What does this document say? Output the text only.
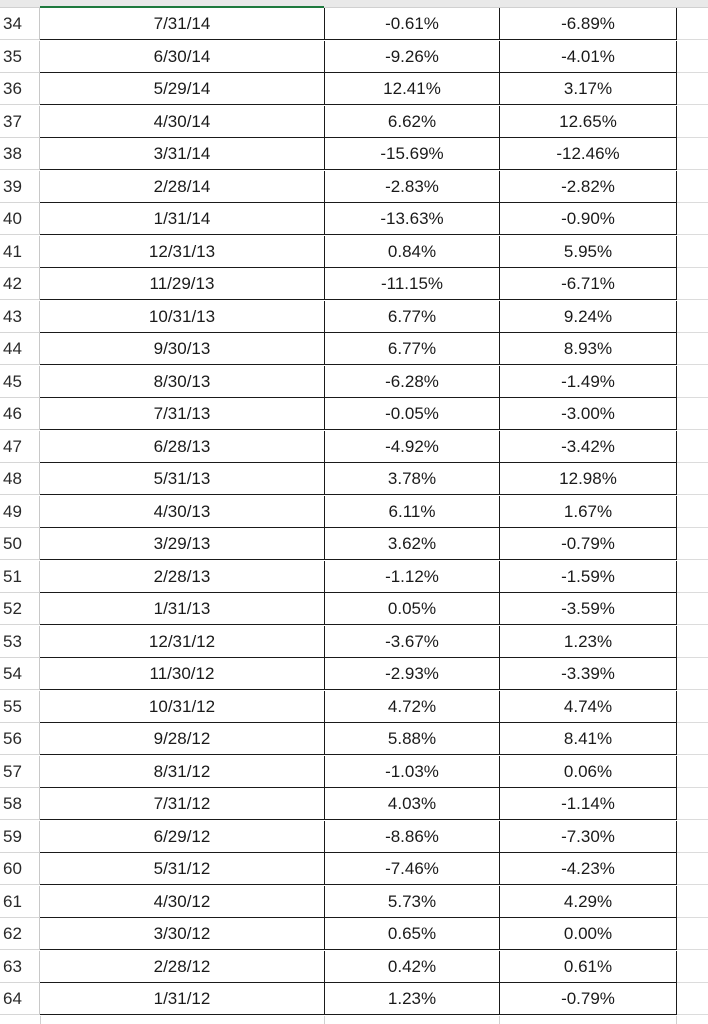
34	7/31/14	-0.61%	-6.89%
35	6/30/14	-9.26%	-4.01%
36	5/29/14	12.41%	3.17%
37	4/30/14	6.62%	12.65%
38	3/31/14	-15.69%	-12.46%
39	2/28/14	-2.83%	-2.82%
40	1/31/14	-13.63%	-0.90%
41	12/31/13	0.84%	5.95%
42	11/29/13	-11.15%	-6.71%
43	10/31/13	6.77%	9.24%
44	9/30/13	6.77%	8.93%
45	8/30/13	-6.28%	-1.49%
46	7/31/13	-0.05%	-3.00%
47	6/28/13	-4.92%	-3.42%
48	5/31/13	3.78%	12.98%
49	4/30/13	6.11%	1.67%
50	3/29/13	3.62%	-0.79%
51	2/28/13	-1.12%	-1.59%
52	1/31/13	0.05%	-3.59%
53	12/31/12	-3.67%	1.23%
54	11/30/12	-2.93%	-3.39%
55	10/31/12	4.72%	4.74%
56	9/28/12	5.88%	8.41%
57	8/31/12	-1.03%	0.06%
58	7/31/12	4.03%	-1.14%
59	6/29/12	-8.86%	-7.30%
60	5/31/12	-7.46%	-4.23%
61	4/30/12	5.73%	4.29%
62	3/30/12	0.65%	0.00%
63	2/28/12	0.42%	0.61%
64	1/31/12	1.23%	-0.79%
